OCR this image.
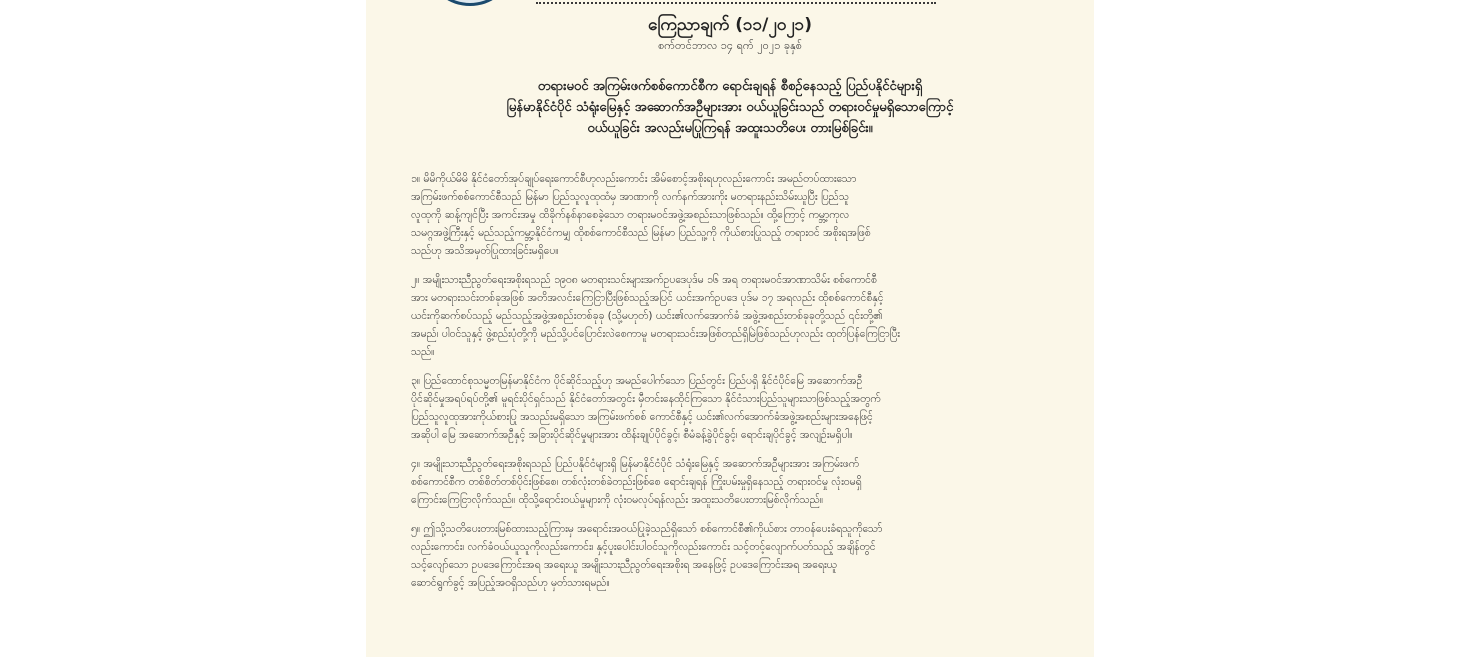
ကြေညာချက် (၁၁/၂၀၂၁)
စက်တင်ဘာလ ၁၄ ရက် ၂၀၂၁ ခုနှစ်
တရားမဝင် အကြမ်းဖက်စစ်ကောင်စီက ရောင်းချရန် စီစဉ်နေသည့် ပြည်ပနိုင်ငံများရှိ
မြန်မာနိုင်ငံပိုင် သံရုံးမြေနှင့် အဆောက်အဦများအား ဝယ်ယူခြင်းသည် တရားဝင်မှုမရှိသောကြောင့်
ဝယ်ယူခြင်း အလည်းမပြုကြရန် အထူးသတိပေး တားမြစ်ခြင်း။
၁။ မိမိကိုယ်မိမိ နိုင်ငံတော်အုပ်ချုပ်ရေးကောင်စီဟုလည်းကောင်း အိမ်စောင့်အစိုးရဟုလည်းကောင်း အမည်တပ်ထားသော
အကြမ်းဖက်စစ်ကောင်စီသည် မြန်မာ ပြည်သူလူထုထံမှ အာဏာကို လက်နက်အားကိုး မတရားနည်းသိမ်းယူပြီး ပြည်သူ
လူထုကို ဆန့်ကျင်ပြီး အကင်းအမှု ထိခိုက်နစ်နာစေခဲ့သော တရားမဝင်အဖွဲ့အစည်းသာဖြစ်သည်။ ထို့ကြောင့် ကမ္ဘာ့ကုလ
သမဂ္ဂအဖွဲ့ကြီးနှင့် မည်သည့်ကမ္ဘာ့နိုင်ငံကမျှ ထိုစစ်ကောင်စီသည် မြန်မာ ပြည်သူ့ကို ကိုယ်စားပြုသည့် တရားဝင် အစိုးရအဖြစ်
သည်ဟု အသိအမှတ်ပြုထားခြင်းမရှိပေ။
၂။ အမျိုးသားညီညွတ်ရေးအစိုးရသည် ၁၉၀၈ မတရားသင်းများအက်ဥပဒေပုဒ်မ ၁၆ အရ တရားမဝင်အာဏာသိမ်း စစ်ကောင်စီ
အား မတရားသင်းတစ်ခုအဖြစ် အတိအလင်းကြေငြာပြီးဖြစ်သည့်အပြင် ယင်းအက်ဥပဒေ ပုဒ်မ ၁၇ အရလည်း ထိုစစ်ကောင်စီနှင့်
ယင်းကိုဆက်စပ်သည့် မည်သည့်အဖွဲ့အစည်းတစ်ခုခု (သို့မဟုတ်) ယင်း၏လက်အောက်ခံ အဖွဲ့အစည်းတစ်ခုခုတို့သည် ၎င်းတို့၏
အမည်၊ ပါဝင်သူနှင့် ဖွဲ့စည်းပုံတို့ကို မည်သို့ပင်ပြောင်းလဲစေကာမူ မတရားသင်းအဖြစ်တည်ရှိမြဲဖြစ်သည်ဟုလည်း ထုတ်ပြန်ကြေငြာပြီး
သည်။
၃။ ပြည်ထောင်စုသမ္မတမြန်မာနိုင်ငံက ပိုင်ဆိုင်သည့်ဟု အမည်ပေါက်သော ပြည်တွင်း ပြည်ပရှိ နိုင်ငံပိုင်မြေ အဆောက်အဦ
ပိုင်ဆိုင်မှုအရပ်ရပ်တို့၏ မူရင်းပိုင်ရှင်သည် နိုင်ငံတော်အတွင်း မှီတင်းနေထိုင်ကြသော နိုင်ငံသားပြည်သူများသာဖြစ်သည့်အတွက်
ပြည်သူလူထုအားကိုယ်စားပြု အသည်းမရှိသော အကြမ်းဖက်စစ် ကောင်စီနှင့် ယင်း၏လက်အောက်ခံအဖွဲ့အစည်းများအနေဖြင့်
အဆိုပါ မြေ အဆောက်အဦနှင့် အခြားပိုင်ဆိုင်မှုများအား ထိန်းချုပ်ပိုင်ခွင့်၊ စီမံခန့်ခွဲပိုင်ခွင့်၊ ရောင်းချပိုင်ခွင့် အလျဉ်းမရှိပါ။
၄။ အမျိုးသားညီညွတ်ရေးအစိုးရသည် ပြည်ပနိုင်ငံများရှိ မြန်မာနိုင်ငံပိုင် သံရုံးမြေနှင့် အဆောက်အဦများအား အကြမ်းဖက်
စစ်ကောင်စီက တစ်စိတ်တစ်ပိုင်းဖြစ်စေ၊ တစ်လုံးတစ်ခဲတည်းဖြစ်စေ ရောင်းချရန် ကြိုးပမ်းမှုရှိနေသည့် တရားဝင်မှု လုံးဝမရှိ
ကြောင်းကြေငြာလိုက်သည်။ ထိုသို့ရောင်းဝယ်မှုများကို လုံးဝမလုပ်ရန်လည်း အထူးသတိပေးတားမြစ်လိုက်သည်။
၅။ ဤသို့သတိပေးတားမြစ်ထားသည့်ကြားမှ အရောင်းအဝယ်ပြုခဲ့သည်ရှိသော် စစ်ကောင်စီ၏ကိုယ်စား တာဝန်ပေးခံရသူကိုသော်
လည်းကောင်း၊ လက်ခံဝယ်ယူသူကိုလည်းကောင်း၊ နှင့်ပူးပေါင်းပါဝင်သူကိုလည်းကောင်း သင့်တင့်လျောက်ပတ်သည့် အချိန်တွင်
သင့်လျော်သော ဥပဒေကြောင်းအရ အရေးယူ အမျိုးသားညီညွတ်ရေးအစိုးရ အနေဖြင့် ဥပဒေကြောင်းအရ အရေးယူ
ဆောင်ရွက်ခွင့် အပြည့်အဝရှိသည်ဟု မှတ်သားရမည်။
